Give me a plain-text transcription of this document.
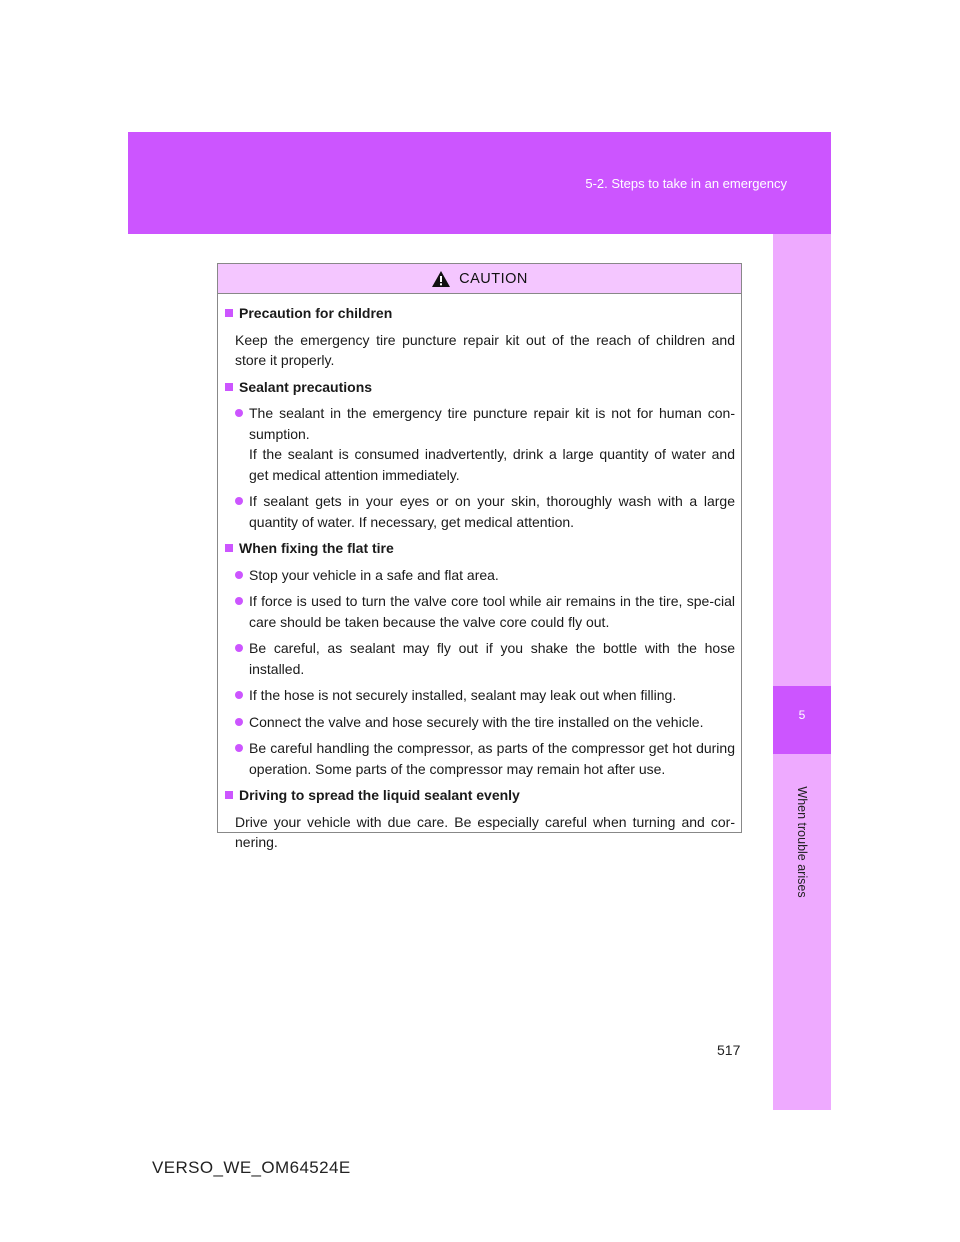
5-2. Steps to take in an emergency
5
When trouble arises
CAUTION
Precaution for children
Keep the emergency tire puncture repair kit out of the reach of children and store it properly.
Sealant precautions
The sealant in the emergency tire puncture repair kit is not for human con-sumption.
If the sealant is consumed inadvertently, drink a large quantity of water and get medical attention immediately.
If sealant gets in your eyes or on your skin, thoroughly wash with a large quantity of water. If necessary, get medical attention.
When fixing the flat tire
Stop your vehicle in a safe and flat area.
If force is used to turn the valve core tool while air remains in the tire, spe-cial care should be taken because the valve core could fly out.
Be careful, as sealant may fly out if you shake the bottle with the hose installed.
If the hose is not securely installed, sealant may leak out when filling.
Connect the valve and hose securely with the tire installed on the vehicle.
Be careful handling the compressor, as parts of the compressor get hot during operation. Some parts of the compressor may remain hot after use.
Driving to spread the liquid sealant evenly
Drive your vehicle with due care. Be especially careful when turning and cor-nering.
517
VERSO_WE_OM64524E
